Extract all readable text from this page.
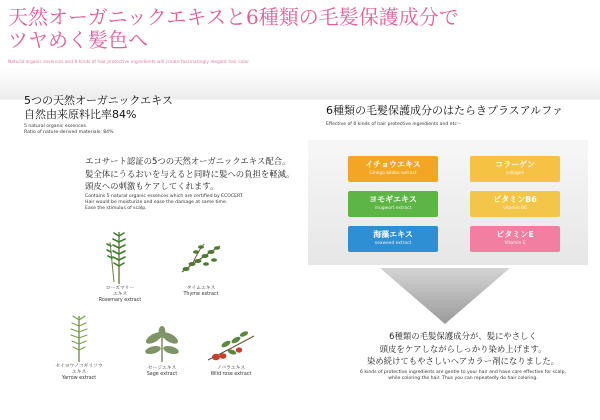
天然オーガニックエキスと6種類の毛髪保護成分で
ツヤめく髪色へ
Natural organic essences and 6 kinds of hair protective ingredients will create fascinatingly elegant hair color.
5つの天然オーガニックエキス
自然由来原料比率84%
5 natural organic essences.
Ratio of nature-derived materials: 84%
エコサート認証の5つの天然オーガニックエキス配合。
髪全体にうるおいを与えると同時に髪への負担を軽減。
頭皮への刺激もケアしてくれます。
Contains 5 natural organic essences which are certified by ECOCERT.
Hair would be moisturize and ease the damage at same time.
Ease the stimulus of scalp.
ローズマリー
エキス
Rosemary extract
タイムエキス
Thyme extract
セイヨウノコギリソウ
エキス
Yarrow extract
セージエキス
Sage extract
ノバラエキス
Wild rose extract
6種類の毛髪保護成分のはたらきプラスアルファ
Effective of 6 kinds of hair protective ingredients and etc～
イチョウエキス
Ginkgo biloba extract
コラーゲン
collagen
ヨモギエキス
mugwort extract
ビタミンB6
vitamin B6
海藻エキス
seaweed extract
ビタミンE
Vitamin E
6種類の毛髪保護成分が、髪にやさしく
頭皮をケアしながらしっかり染め上げます。
染め続けてもやさしいヘアカラー剤になりました。
6 kinds of protective ingredients are gentle to your hair and have care effective for scalp,
while coloring the hair. Thus you can repeatedly do hair coloring.
